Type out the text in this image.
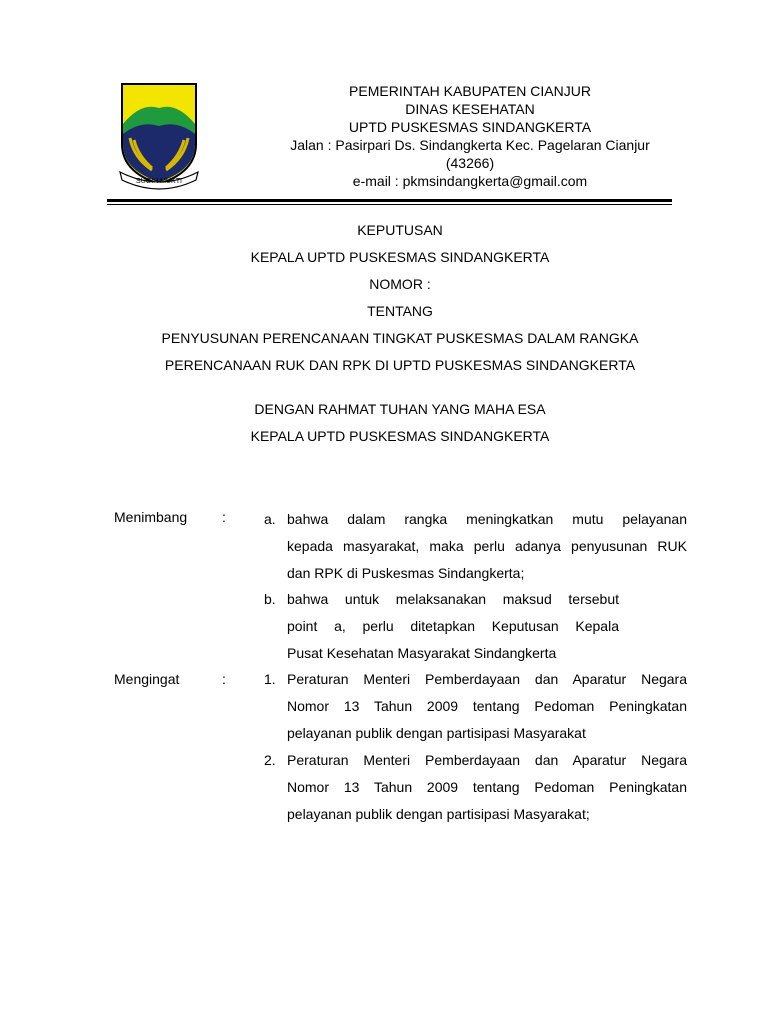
SUGIH MUKTI
PEMERINTAH KABUPATEN CIANJUR
DINAS KESEHATAN
UPTD PUSKESMAS SINDANGKERTA
Jalan : Pasirpari Ds. Sindangkerta Kec. Pagelaran Cianjur
(43266)
e-mail : pkmsindangkerta@gmail.com
KEPUTUSAN
KEPALA UPTD PUSKESMAS SINDANGKERTA
NOMOR :
TENTANG
PENYUSUNAN PERENCANAAN TINGKAT PUSKESMAS DALAM RANGKA
PERENCANAAN RUK DAN RPK DI UPTD PUSKESMAS SINDANGKERTA
DENGAN RAHMAT TUHAN YANG MAHA ESA
KEPALA UPTD PUSKESMAS SINDANGKERTA
Menimbang :	a. bahwa dalam rangka meningkatkan mutu pelayanan
kepada masyarakat, maka perlu adanya penyusunan RUK
dan RPK di Puskesmas Sindangkerta;
b. bahwa untuk melaksanakan maksud tersebut
point a, perlu ditetapkan Keputusan Kepala
Pusat Kesehatan Masyarakat Sindangkerta
Mengingat	:	1. Peraturan Menteri Pemberdayaan dan Aparatur Negara
Nomor 13 Tahun 2009 tentang Pedoman Peningkatan
pelayanan publik dengan partisipasi Masyarakat
2. Peraturan Menteri Pemberdayaan dan Aparatur Negara
Nomor 13 Tahun 2009 tentang Pedoman Peningkatan
pelayanan publik dengan partisipasi Masyarakat;
